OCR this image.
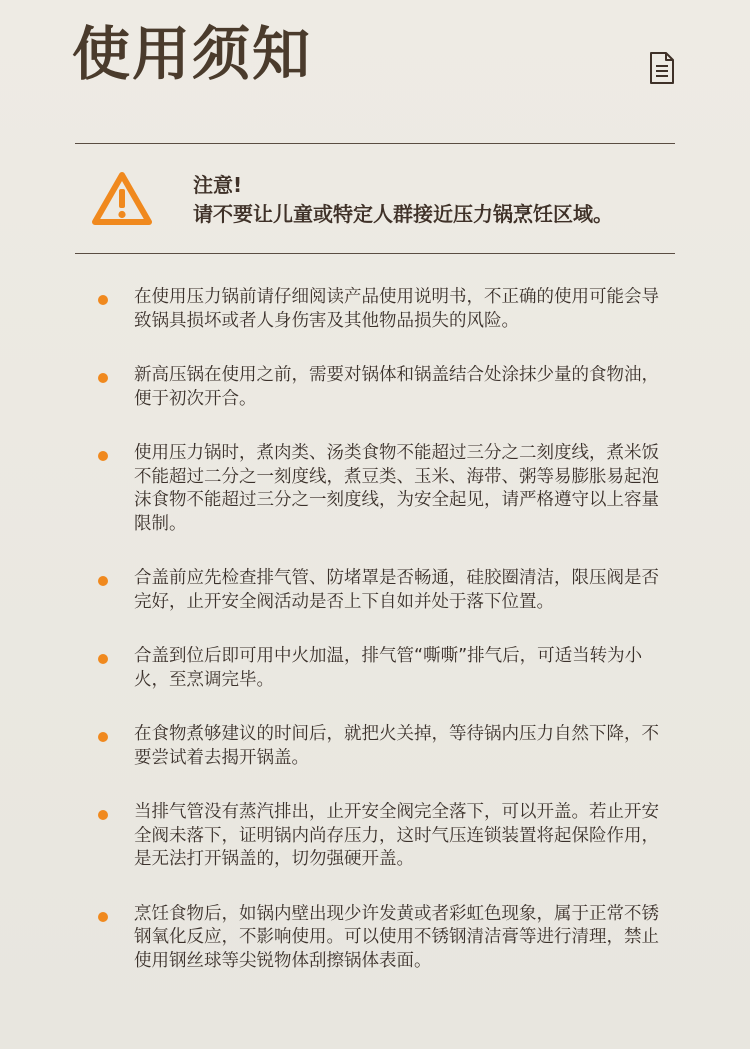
使用须知
注意!
请不要让儿童或特定人群接近压力锅烹饪区域。
在使用压力锅前请仔细阅读产品使用说明书，不正确的使用可能会导致锅具损坏或者人身伤害及其他物品损失的风险。
新高压锅在使用之前，需要对锅体和锅盖结合处涂抹少量的食物油，便于初次开合。
使用压力锅时，煮肉类、汤类食物不能超过三分之二刻度线，煮米饭不能超过二分之一刻度线，煮豆类、玉米、海带、粥等易膨胀易起泡沫食物不能超过三分之一刻度线，为安全起见，请严格遵守以上容量限制。
合盖前应先检查排气管、防堵罩是否畅通，硅胶圈清洁，限压阀是否完好，止开安全阀活动是否上下自如并处于落下位置。
合盖到位后即可用中火加温，排气管“嘶嘶”排气后，可适当转为小火，至烹调完毕。
在食物煮够建议的时间后，就把火关掉，等待锅内压力自然下降，不要尝试着去揭开锅盖。
当排气管没有蒸汽排出，止开安全阀完全落下，可以开盖。若止开安全阀未落下，证明锅内尚存压力，这时气压连锁装置将起保险作用，是无法打开锅盖的，切勿强硬开盖。
烹饪食物后，如锅内壁出现少许发黄或者彩虹色现象，属于正常不锈钢氧化反应，不影响使用。可以使用不锈钢清洁膏等进行清理，禁止使用钢丝球等尖锐物体刮擦锅体表面。
